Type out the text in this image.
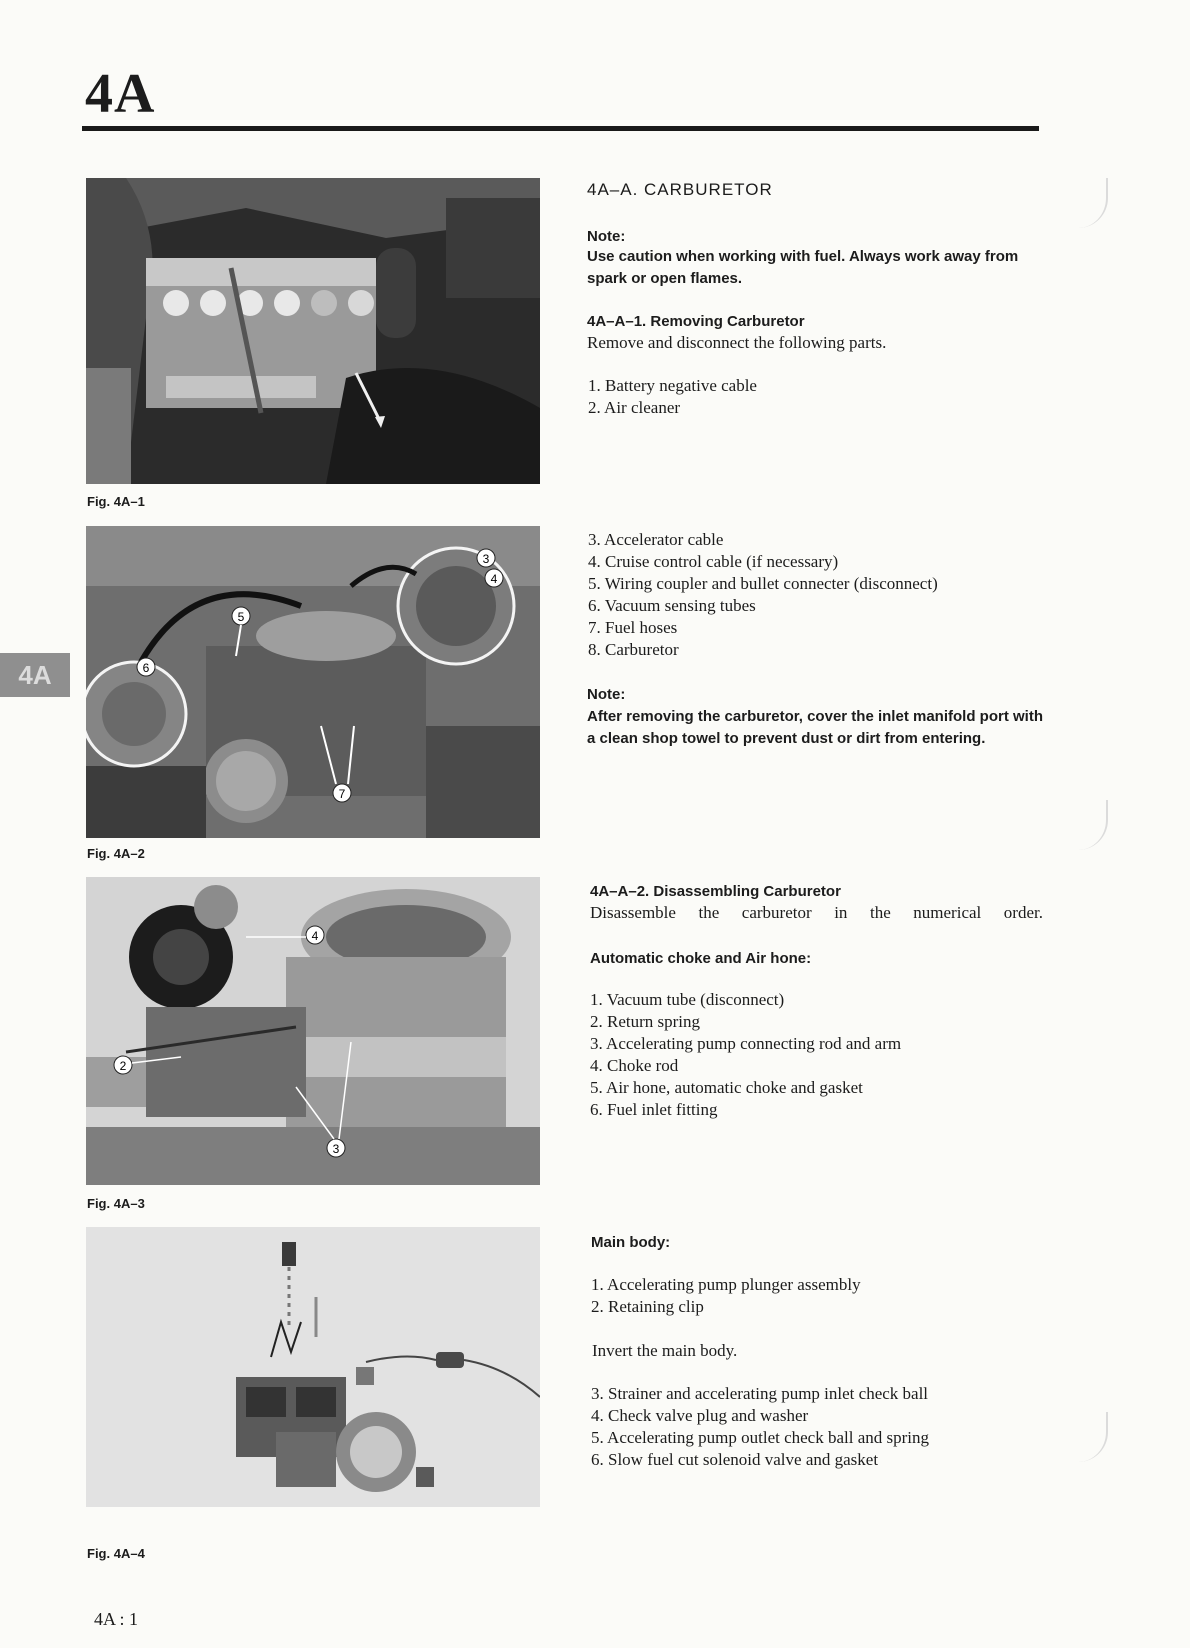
4A
4A
Fig. 4A–1
3
4
5
6
7
Fig. 4A–2
4
2
3
Fig. 4A–3
Fig. 4A–4
4A–A. CARBURETOR
Note:
Use caution when working with fuel. Always work away from spark or open flames.
4A–A–1. Removing Carburetor
Remove and disconnect the following parts.
1. Battery negative cable
2. Air cleaner
3. Accelerator cable
4. Cruise control cable (if necessary)
5. Wiring coupler and bullet connecter (disconnect)
6. Vacuum sensing tubes
7. Fuel hoses
8. Carburetor
Note:
After removing the carburetor, cover the inlet manifold port with a clean shop towel to prevent dust or dirt from entering.
4A–A–2. Disassembling Carburetor
Disassemble the carburetor in the numerical order.
Automatic choke and Air hone:
1. Vacuum tube (disconnect)
2. Return spring
3. Accelerating pump connecting rod and arm
4. Choke rod
5. Air hone, automatic choke and gasket
6. Fuel inlet fitting
Main body:
1. Accelerating pump plunger assembly
2. Retaining clip
Invert the main body.
3. Strainer and accelerating pump inlet check ball
4. Check valve plug and washer
5. Accelerating pump outlet check ball and spring
6. Slow fuel cut solenoid valve and gasket
4A : 1
